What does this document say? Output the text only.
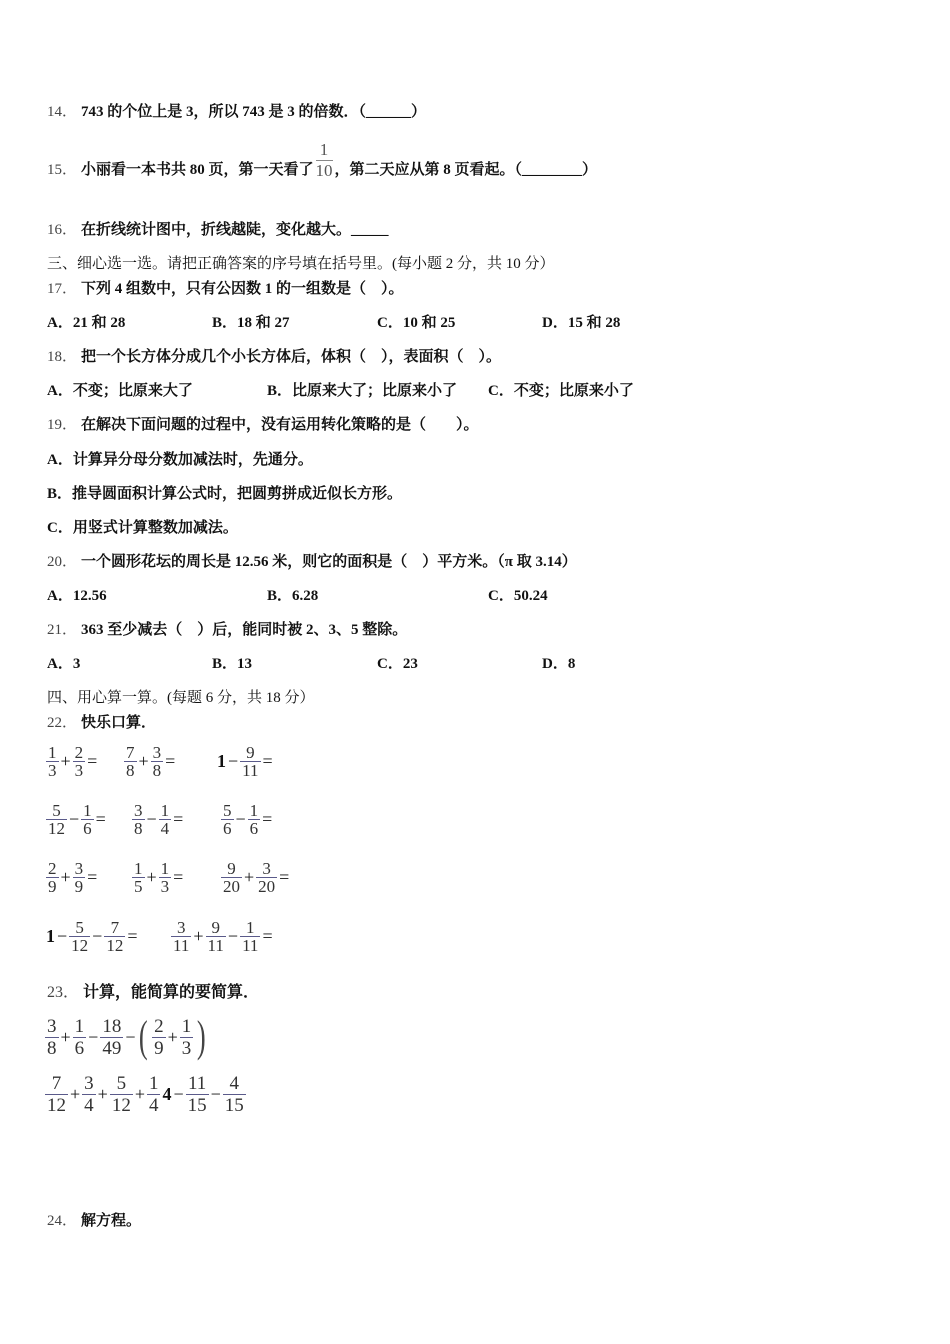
14． 743 的个位上是 3，所以 743 是 3 的倍数．（______）
15． 小丽看一本书共 80 页，第一天看了 $\frac{1}{10}$ ，第二天应从第 8 页看起。（________）
16． 在折线统计图中，折线越陡，变化越大。_____
三、细心选一选。请把正确答案的序号填在括号里。(每小题 2 分，共 10 分）
17． 下列 4 组数中，只有公因数 1 的一组数是（　）。
A．21 和 28	B．18 和 27	C．10 和 25	D．15 和 28
18． 把一个长方体分成几个小长方体后，体积（　），表面积（　）。
A．不变；比原来大了	B．比原来大了；比原来小了 C．不变；比原来小了
19． 在解决下面问题的过程中，没有运用转化策略的是（　　）。
A．计算异分母分数加减法时，先通分。
B．推导圆面积计算公式时，把圆剪拼成近似长方形。
C．用竖式计算整数加减法。
20． 一个圆形花坛的周长是 12.56 米，则它的面积是（　）平方米。（π 取 3.14）
A．12.56	B．6.28	C．50.24
21． 363 至少减去（　）后，能同时被 2、3、5 整除。
A．3	B．13	C．23	D．8
四、用心算一算。(每题 6 分，共 18 分）
22． 快乐口算．
$\frac{1}{3} + \frac{2}{3} = \frac{7}{8} + \frac{3}{8} = 1 - \frac{9}{11}$ =
$\frac{5}{12} - \frac{1}{6} = \frac{3}{8} - \frac{1}{4} = \frac{5}{6} - \frac{1}{6}$ =
$\frac{2}{9} + \frac{3}{9} = \frac{1}{5} + \frac{1}{3} = \frac{9}{20} + \frac{3}{20}$ =
$1 - \frac{5}{12} - \frac{7}{12} = \frac{3}{11} + \frac{9}{11} - \frac{1}{11}$ =
23． 计算，能简算的要简算．
$\frac{3}{8} + \frac{1}{6} - \frac{18}{49}$ − ( $\frac{2}{9} + \frac{1}{3}$ )
$\frac{7}{12} + \frac{3}{4} + \frac{5}{12} + \frac{1}{4} 4 - \frac{11}{15} - \frac{4}{15}$
24． 解方程。
